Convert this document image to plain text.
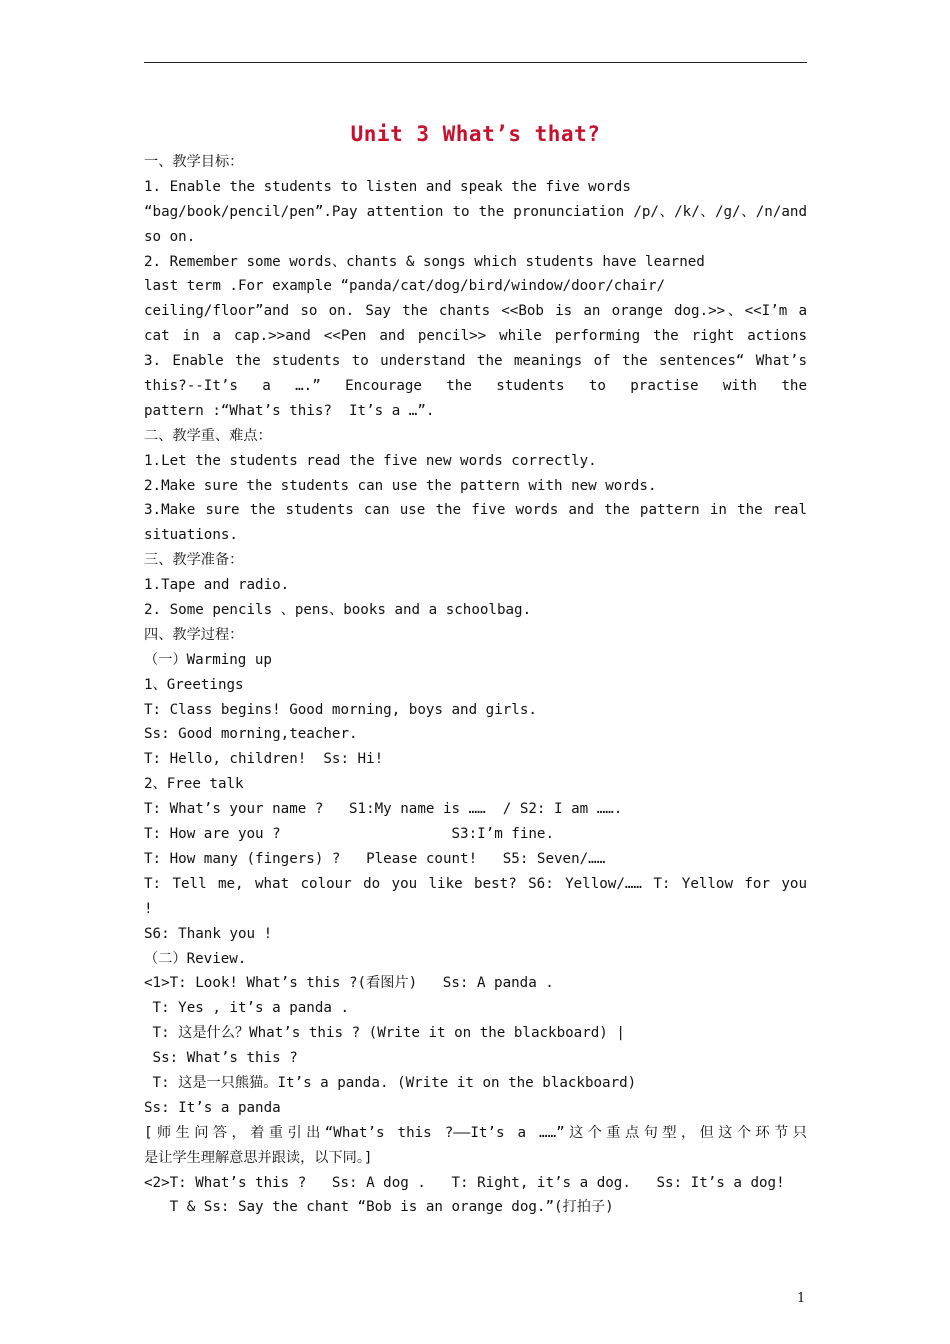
Unit 3 What’s that?
一、教学目标：
1. Enable the students to listen and speak the five words
“bag/book/pencil/pen”.Pay attention to the pronunciation /p/、/k/、/g/、/n/and
so on.
2. Remember some words、chants & songs which students have learned
last term .For example “panda/cat/dog/bird/window/door/chair/
ceiling/floor”and so on. Say the chants <<Bob is an orange dog.>>、<<I’m a
cat in a cap.>>and <<Pen and pencil>> while performing the right actions
3. Enable the students to understand the meanings of the sentences“ What’s
this?--It’s a ….” Encourage the students to practise with the
pattern :“What’s this?  It’s a …”.
二、教学重、难点：
1.Let the students read the five new words correctly.
2.Make sure the students can use the pattern with new words.
3.Make sure the students can use the five words and the pattern in the real
situations.
三、教学准备：
1.Tape and radio.
2. Some pencils 、pens、books and a schoolbag.
四、教学过程：
（一）Warming up
1、Greetings
T: Class begins! Good morning, boys and girls.
Ss: Good morning,teacher.
T: Hello, children!  Ss: Hi!
2、Free talk
T: What’s your name ?   S1:My name is ……  / S2: I am …….
T: How are you ?                    S3:I’m fine.
T: How many (fingers) ?   Please count!   S5: Seven/……
T: Tell me, what colour do you like best? S6: Yellow/…… T: Yellow for you
!
S6: Thank you !
（二）Review.
<1>T: Look! What’s this ?(看图片)   Ss: A panda .
T: Yes , it’s a panda .
T: 这是什么？What’s this ? (Write it on the blackboard) |
Ss: What’s this ?
T: 这是一只熊猫。It’s a panda. (Write it on the blackboard)
Ss: It’s a panda
[师生问答，着重引出“What’s this ?——It’s a ……”这个重点句型，但这个环节只
是让学生理解意思并跟读，以下同。]
<2>T: What’s this ?   Ss: A dog .   T: Right, it’s a dog.   Ss: It’s a dog!
T & Ss: Say the chant “Bob is an orange dog.”(打拍子)
1
